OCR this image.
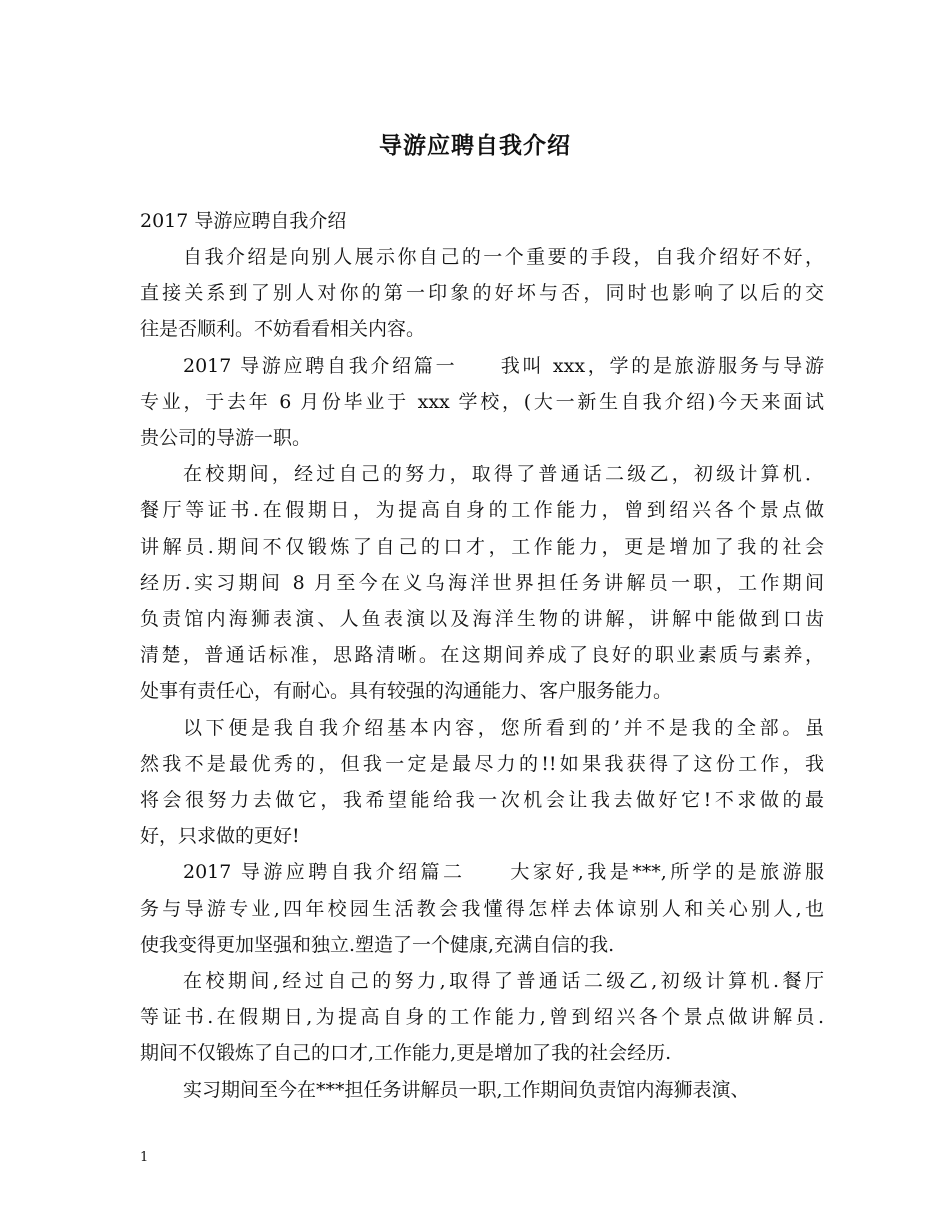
导游应聘自我介绍

2017 导游应聘自我介绍

自我介绍是向别人展示你自己的一个重要的手段，自我介绍好不好，

直接关系到了别人对你的第一印象的好坏与否，同时也影响了以后的交

往是否顺利。不妨看看相关内容。

2017 导游应聘自我介绍篇一　　我叫 xxx，学的是旅游服务与导游

专业，于去年 6 月份毕业于 xxx 学校，(大一新生自我介绍)今天来面试

贵公司的导游一职。

在校期间，经过自己的努力，取得了普通话二级乙，初级计算机．

餐厅等证书.在假期日，为提高自身的工作能力，曾到绍兴各个景点做

讲解员.期间不仅锻炼了自己的口才，工作能力，更是增加了我的社会

经历.实习期间 8 月至今在义乌海洋世界担任务讲解员一职，工作期间

负责馆内海狮表演、人鱼表演以及海洋生物的讲解，讲解中能做到口齿

清楚，普通话标准，思路清晰。在这期间养成了良好的职业素质与素养，

处事有责任心，有耐心。具有较强的沟通能力、客户服务能力。

以下便是我自我介绍基本内容，您所看到的’并不是我的全部。虽

然我不是最优秀的，但我一定是最尽力的!!如果我获得了这份工作，我

将会很努力去做它，我希望能给我一次机会让我去做好它!不求做的最

好，只求做的更好!

2017 导游应聘自我介绍篇二　　大家好,我是***,所学的是旅游服

务与导游专业,四年校园生活教会我懂得怎样去体谅别人和关心别人,也

使我变得更加坚强和独立.塑造了一个健康,充满自信的我.

在校期间,经过自己的努力,取得了普通话二级乙,初级计算机.餐厅

等证书.在假期日,为提高自身的工作能力,曾到绍兴各个景点做讲解员.

期间不仅锻炼了自己的口才,工作能力,更是增加了我的社会经历.

实习期间至今在***担任务讲解员一职,工作期间负责馆内海狮表演、

1
